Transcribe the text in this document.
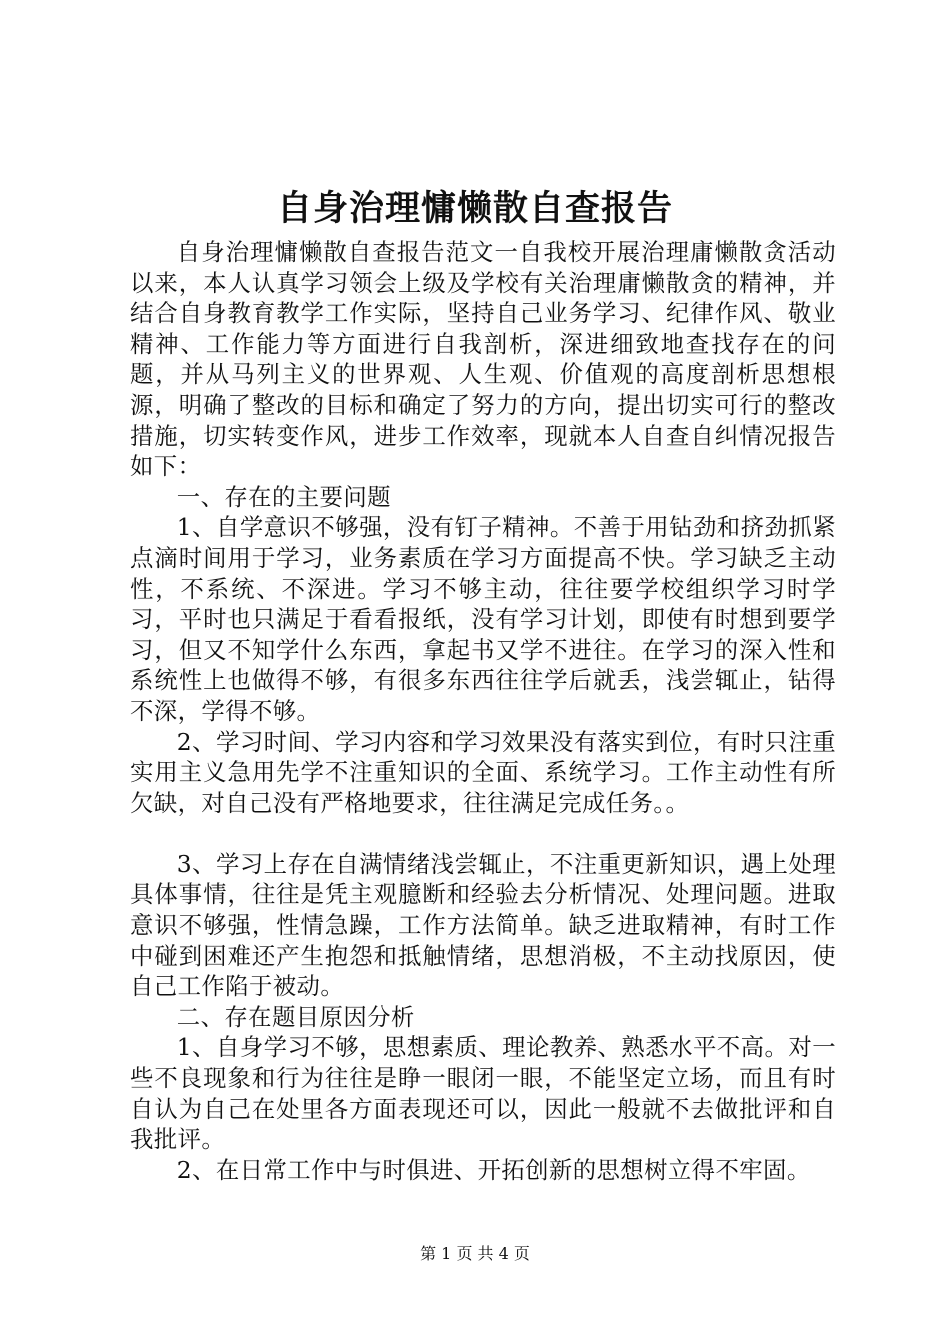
自身治理慵懒散自查报告

自身治理慵懒散自查报告范文一自我校开展治理庸懒散贪活动以来，本人认真学习领会上级及学校有关治理庸懒散贪的精神，并结合自身教育教学工作实际，坚持自己业务学习、纪律作风、敬业精神、工作能力等方面进行自我剖析，深进细致地查找存在的问题，并从马列主义的世界观、人生观、价值观的高度剖析思想根源，明确了整改的目标和确定了努力的方向，提出切实可行的整改措施，切实转变作风，进步工作效率，现就本人自查自纠情况报告如下：

一、存在的主要问题

1、自学意识不够强，没有钉子精神。不善于用钻劲和挤劲抓紧点滴时间用于学习，业务素质在学习方面提高不快。学习缺乏主动性，不系统、不深进。学习不够主动，往往要学校组织学习时学习，平时也只满足于看看报纸，没有学习计划，即使有时想到要学习，但又不知学什么东西，拿起书又学不进往。在学习的深入性和系统性上也做得不够，有很多东西往往学后就丢，浅尝辄止，钻得不深，学得不够。

2、学习时间、学习内容和学习效果没有落实到位，有时只注重实用主义急用先学不注重知识的全面、系统学习。工作主动性有所欠缺，对自己没有严格地要求，往往满足完成任务。。

3、学习上存在自满情绪浅尝辄止，不注重更新知识，遇上处理具体事情，往往是凭主观臆断和经验去分析情况、处理问题。进取意识不够强，性情急躁，工作方法简单。缺乏进取精神，有时工作中碰到困难还产生抱怨和抵触情绪，思想消极，不主动找原因，使自己工作陷于被动。

二、存在题目原因分析

1、自身学习不够，思想素质、理论教养、熟悉水平不高。对一些不良现象和行为往往是睁一眼闭一眼，不能坚定立场，而且有时自认为自己在处里各方面表现还可以，因此一般就不去做批评和自我批评。

2、在日常工作中与时俱进、开拓创新的思想树立得不牢固。

第 1 页 共 4 页
